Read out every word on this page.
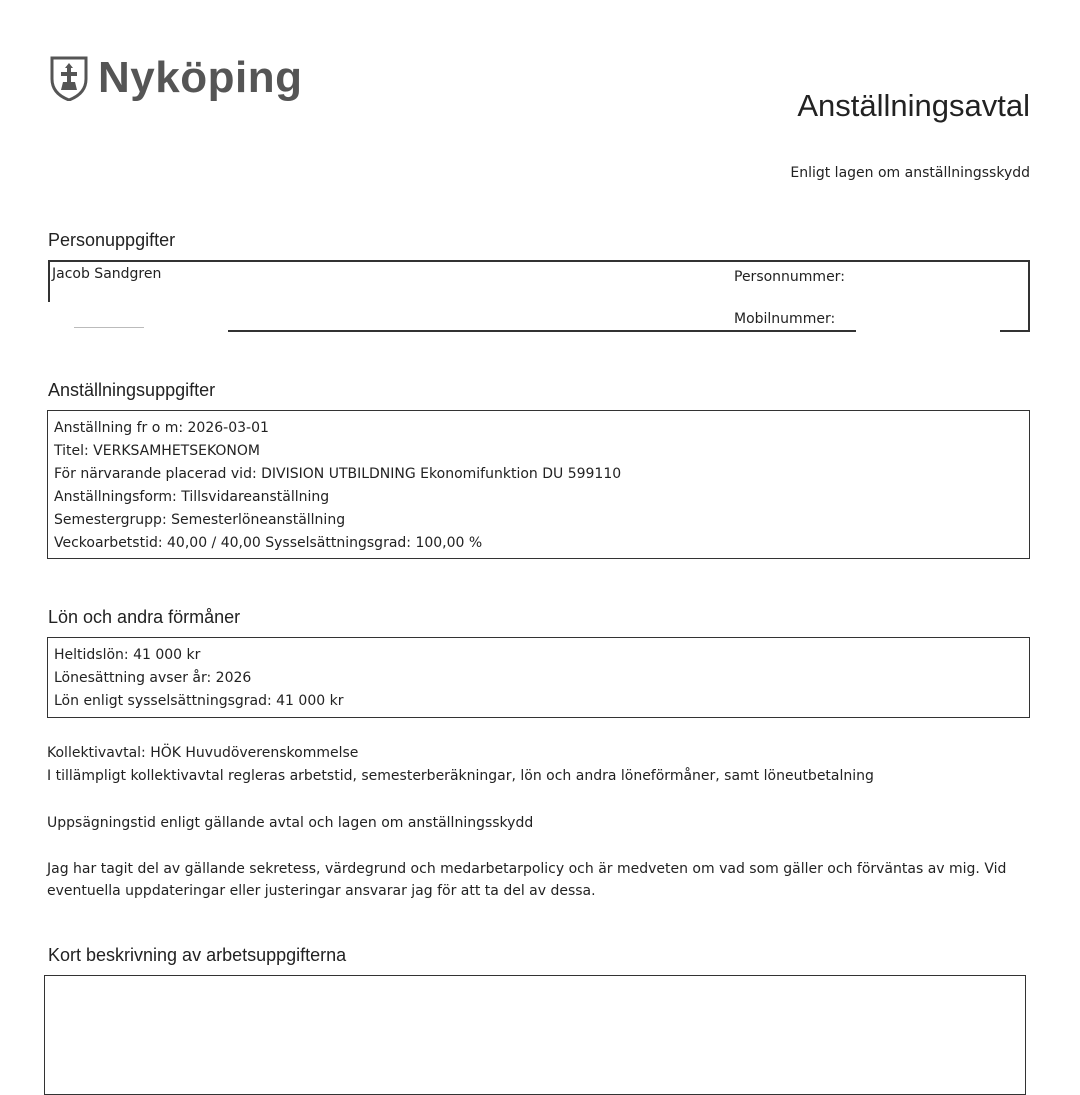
Nyköping
Anställningsavtal
Enligt lagen om anställningsskydd
Personuppgifter
Jacob Sandgren	Personnummer:
Mobilnummer:
Anställningsuppgifter
Anställning fr o m: 2026-03-01
Titel: VERKSAMHETSEKONOM
För närvarande placerad vid: DIVISION UTBILDNING Ekonomifunktion DU 599110
Anställningsform: Tillsvidareanställning
Semestergrupp: Semesterlöneanställning
Veckoarbetstid: 40,00 / 40,00 Sysselsättningsgrad: 100,00 %
Lön och andra förmåner
Heltidslön: 41 000 kr
Lönesättning avser år: 2026
Lön enligt sysselsättningsgrad: 41 000 kr
Kollektivavtal: HÖK Huvudöverenskommelse
I tillämpligt kollektivavtal regleras arbetstid, semesterberäkningar, lön och andra löneförmåner, samt löneutbetalning
Uppsägningstid enligt gällande avtal och lagen om anställningsskydd
Jag har tagit del av gällande sekretess, värdegrund och medarbetarpolicy och är medveten om vad som gäller och förväntas av mig. Vid eventuella uppdateringar eller justeringar ansvarar jag för att ta del av dessa.
Kort beskrivning av arbetsuppgifterna
